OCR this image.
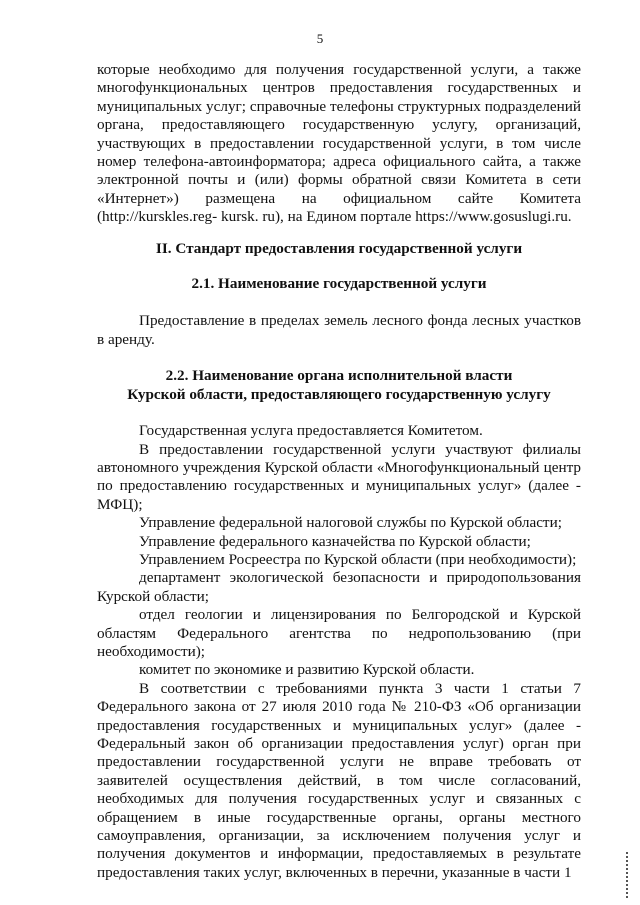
5

которые необходимо для получения государственной услуги, а также многофункциональных центров предоставления государственных и муниципальных услуг; справочные телефоны структурных подразделений органа, предоставляющего государственную услугу, организаций, участвующих в предоставлении государственной услуги, в том числе номер телефона-автоинформатора; адреса официального сайта, а также электронной почты и (или) формы обратной связи Комитета в сети «Интернет») размещена на официальном сайте Комитета (http://kurskles.reg- kursk. ru), на Едином портале https://www.gosuslugi.ru.

II. Стандарт предоставления государственной услуги

2.1. Наименование государственной услуги

Предоставление в пределах земель лесного фонда лесных участков в аренду.

2.2. Наименование органа исполнительной власти

Курской области, предоставляющего государственную услугу

Государственная услуга предоставляется Комитетом.

В предоставлении государственной услуги участвуют филиалы автономного учреждения Курской области «Многофункциональный центр по предоставлению государственных и муниципальных услуг» (далее - МФЦ);

Управление федеральной налоговой службы по Курской области;

Управление федерального казначейства по Курской области;

Управлением Росреестра по Курской области (при необходимости);

департамент экологической безопасности и природопользования Курской области;

отдел геологии и лицензирования по Белгородской и Курской областям Федерального агентства по недропользованию (при необходимости);

комитет по экономике и развитию Курской области.

В соответствии с требованиями пункта 3 части 1 статьи 7 Федерального закона от 27 июля 2010 года № 210-ФЗ «Об организации предоставления государственных и муниципальных услуг» (далее - Федеральный закон об организации предоставления услуг) орган при предоставлении государственной услуги не вправе требовать от заявителей осуществления действий, в том числе согласований, необходимых для получения государственных услуг и связанных с обращением в иные государственные органы, органы местного самоуправления, организации, за исключением получения услуг и получения документов и информации, предоставляемых в результате предоставления таких услуг, включенных в перечни, указанные в части 1
